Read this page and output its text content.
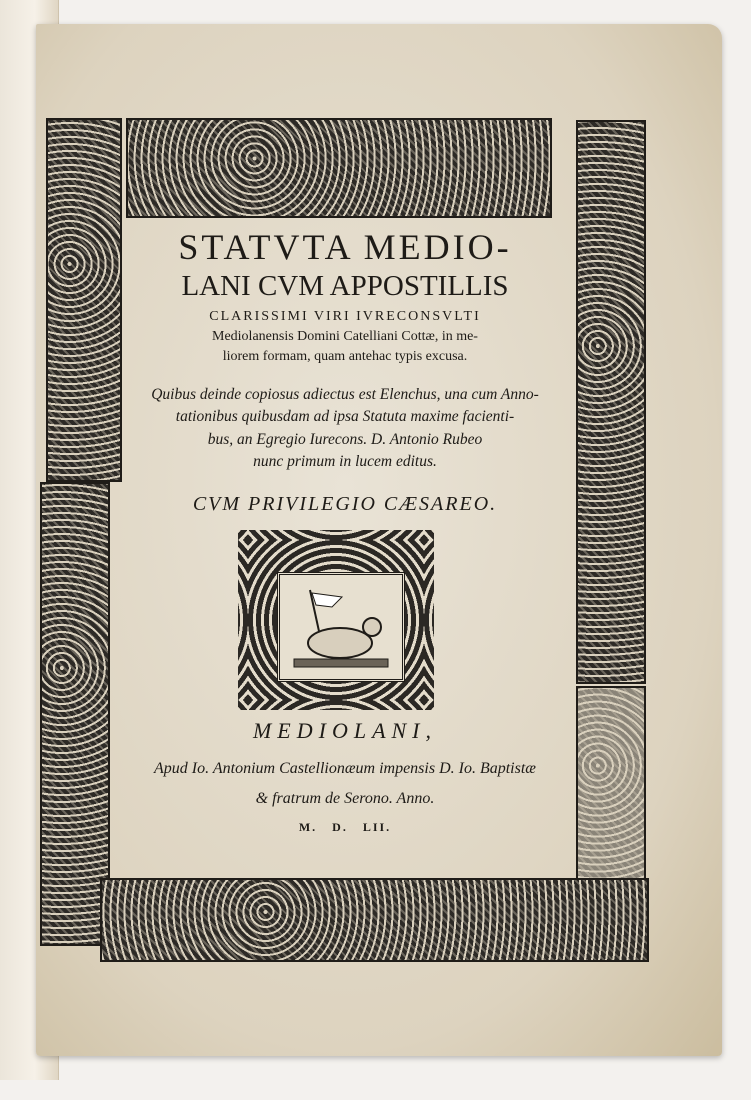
STATVTA MEDIO-
LANI CVM APPOSTILLIS
CLARISSIMI VIRI IVRECONSVLTI
Mediolanensis Domini Catelliani Cottæ, in me-
liorem formam, quam antehac typis excusa.
Quibus deinde copiosus adiectus est Elenchus, una cum Anno-
tationibus quibusdam ad ipsa Statuta maxime facienti-
bus, an Egregio Iurecons. D. Antonio Rubeo
nunc primum in lucem editus.
CVM PRIVILEGIO CÆSAREO.
MEDIOLANI,
Apud Io. Antonium Castellionæum impensis D. Io. Baptistæ
& fratrum de Serono. Anno.
M.   D.   LII.
